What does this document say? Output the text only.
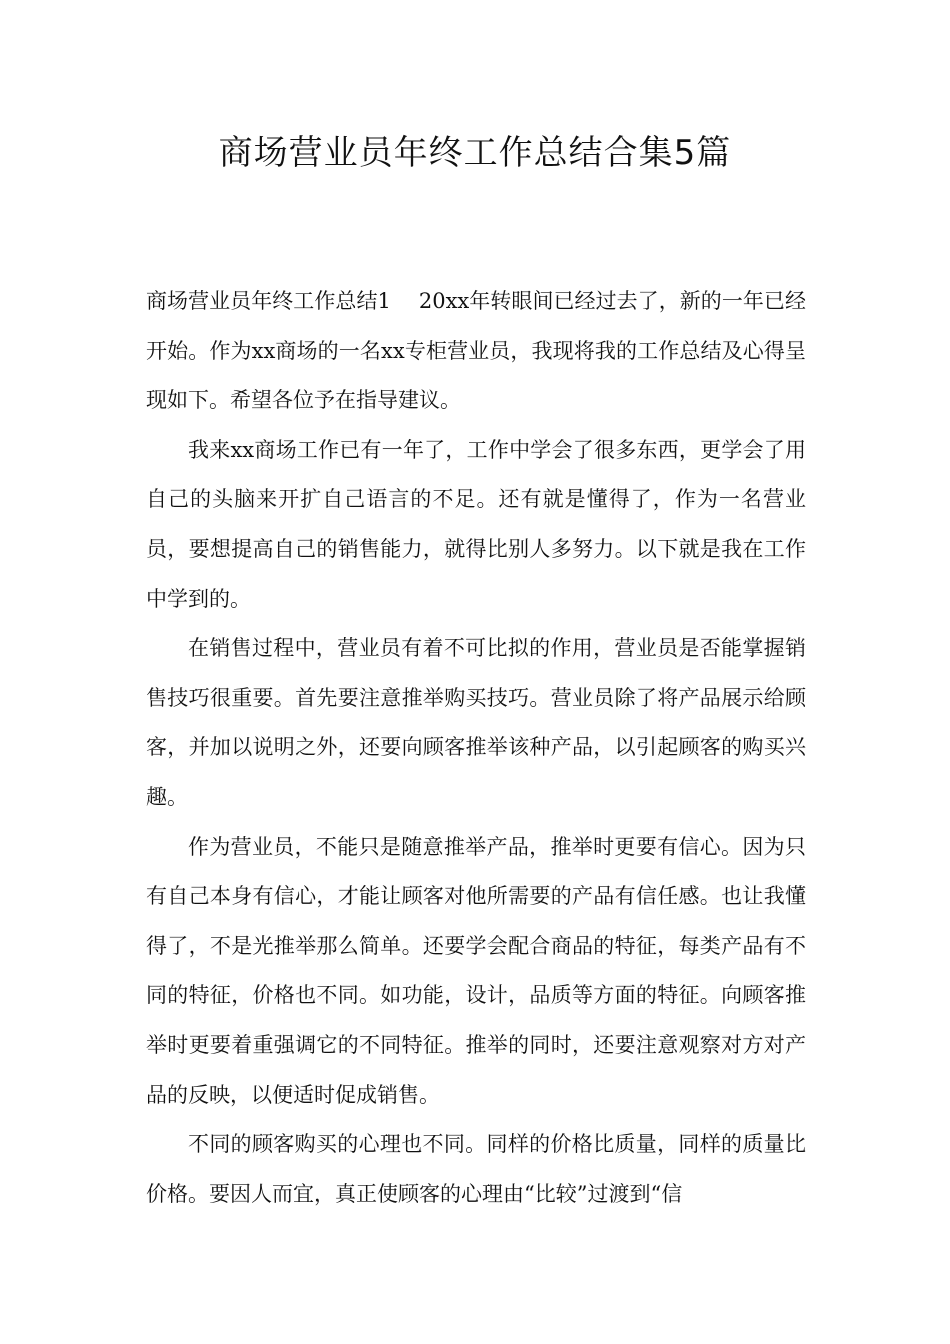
商场营业员年终工作总结合集5篇

商场营业员年终工作总结1 20xx年转眼间已经过去了，新的一年已经开始。作为xx商场的一名xx专柜营业员，我现将我的工作总结及心得呈现如下。希望各位予在指导建议。

我来xx商场工作已有一年了，工作中学会了很多东西，更学会了用自己的头脑来开扩自己语言的不足。还有就是懂得了，作为一名营业员，要想提高自己的销售能力，就得比别人多努力。以下就是我在工作中学到的。

在销售过程中，营业员有着不可比拟的作用，营业员是否能掌握销售技巧很重要。首先要注意推举购买技巧。营业员除了将产品展示给顾客，并加以说明之外，还要向顾客推举该种产品，以引起顾客的购买兴趣。

作为营业员，不能只是随意推举产品，推举时更要有信心。因为只有自己本身有信心，才能让顾客对他所需要的产品有信任感。也让我懂得了，不是光推举那么简单。还要学会配合商品的特征，每类产品有不同的特征，价格也不同。如功能，设计，品质等方面的特征。向顾客推举时更要着重强调它的不同特征。推举的同时，还要注意观察对方对产品的反映，以便适时促成销售。

不同的顾客购买的心理也不同。同样的价格比质量，同样的质量比价格。要因人而宜，真正使顾客的心理由“比较”过渡到“信
